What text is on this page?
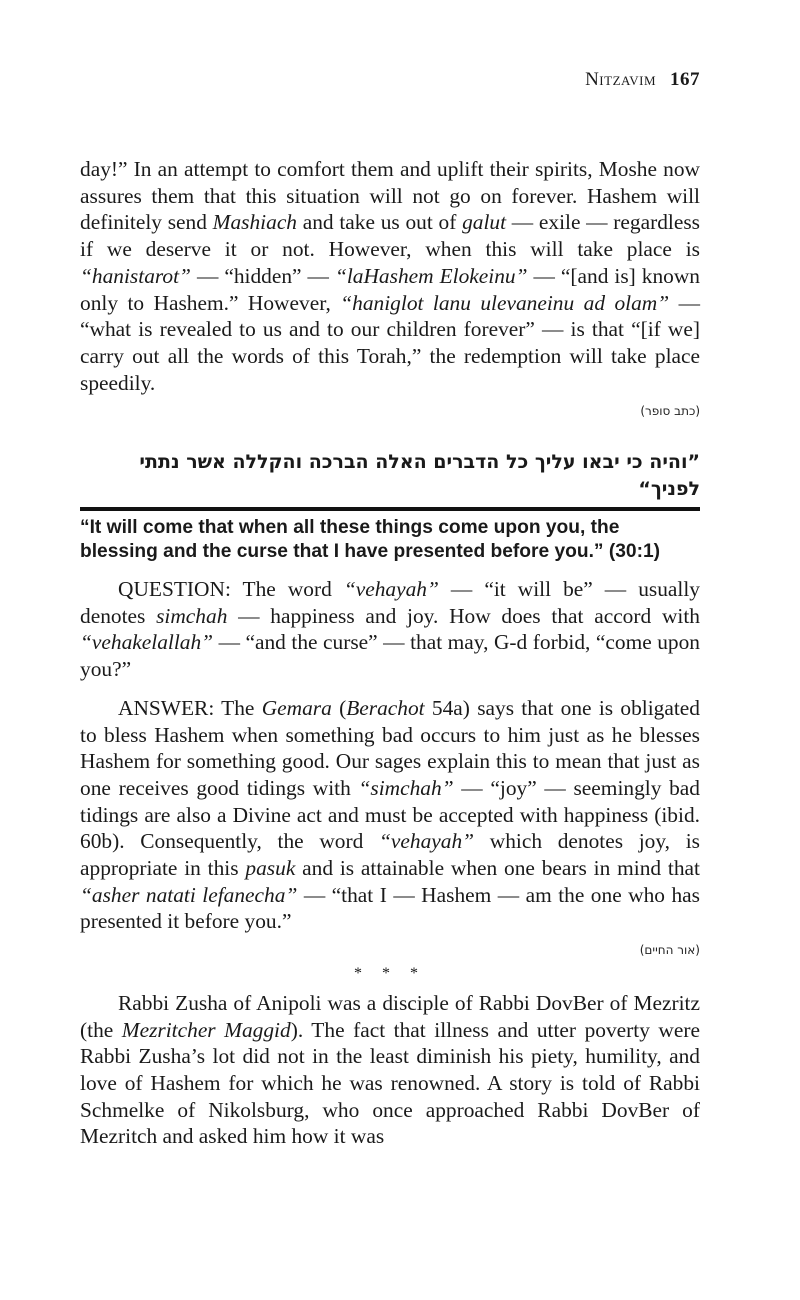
Nitzavim 167

day!” In an attempt to comfort them and uplift their spirits, Moshe now assures them that this situation will not go on forever. Hashem will definitely send Mashiach and take us out of galut — exile — regardless if we deserve it or not. However, when this will take place is “hanistarot” — “hidden” — “laHashem Elokeinu” — “[and is] known only to Hashem.” However, “haniglot lanu ulevaneinu ad olam” — “what is revealed to us and to our children forever” — is that “[if we] carry out all the words of this Torah,” the redemption will take place speedily.

(כתב סופר)
”והיה כי יבאו עליך כל הדברים האלה הברכה והקללה אשר נתתי לפניך“
“It will come that when all these things come upon you, the blessing and the curse that I have presented before you.” (30:1)

QUESTION: The word “vehayah” — “it will be” — usually denotes simchah — happiness and joy. How does that accord with “vehakelallah” — “and the curse” — that may, G-d forbid, “come upon you?”

ANSWER: The Gemara (Berachot 54a) says that one is obligated to bless Hashem when something bad occurs to him just as he blesses Hashem for something good. Our sages explain this to mean that just as one receives good tidings with “simchah” — “joy” — seemingly bad tidings are also a Divine act and must be accepted with happiness (ibid. 60b). Consequently, the word “vehayah” which denotes joy, is appropriate in this pasuk and is attainable when one bears in mind that “asher natati lefanecha” — “that I — Hashem — am the one who has presented it before you.”

(אור החיים)
* * *

Rabbi Zusha of Anipoli was a disciple of Rabbi DovBer of Mezritz (the Mezritcher Maggid). The fact that illness and utter poverty were Rabbi Zusha’s lot did not in the least diminish his piety, humility, and love of Hashem for which he was renowned. A story is told of Rabbi Schmelke of Nikolsburg, who once approached Rabbi DovBer of Mezritch and asked him how it was
